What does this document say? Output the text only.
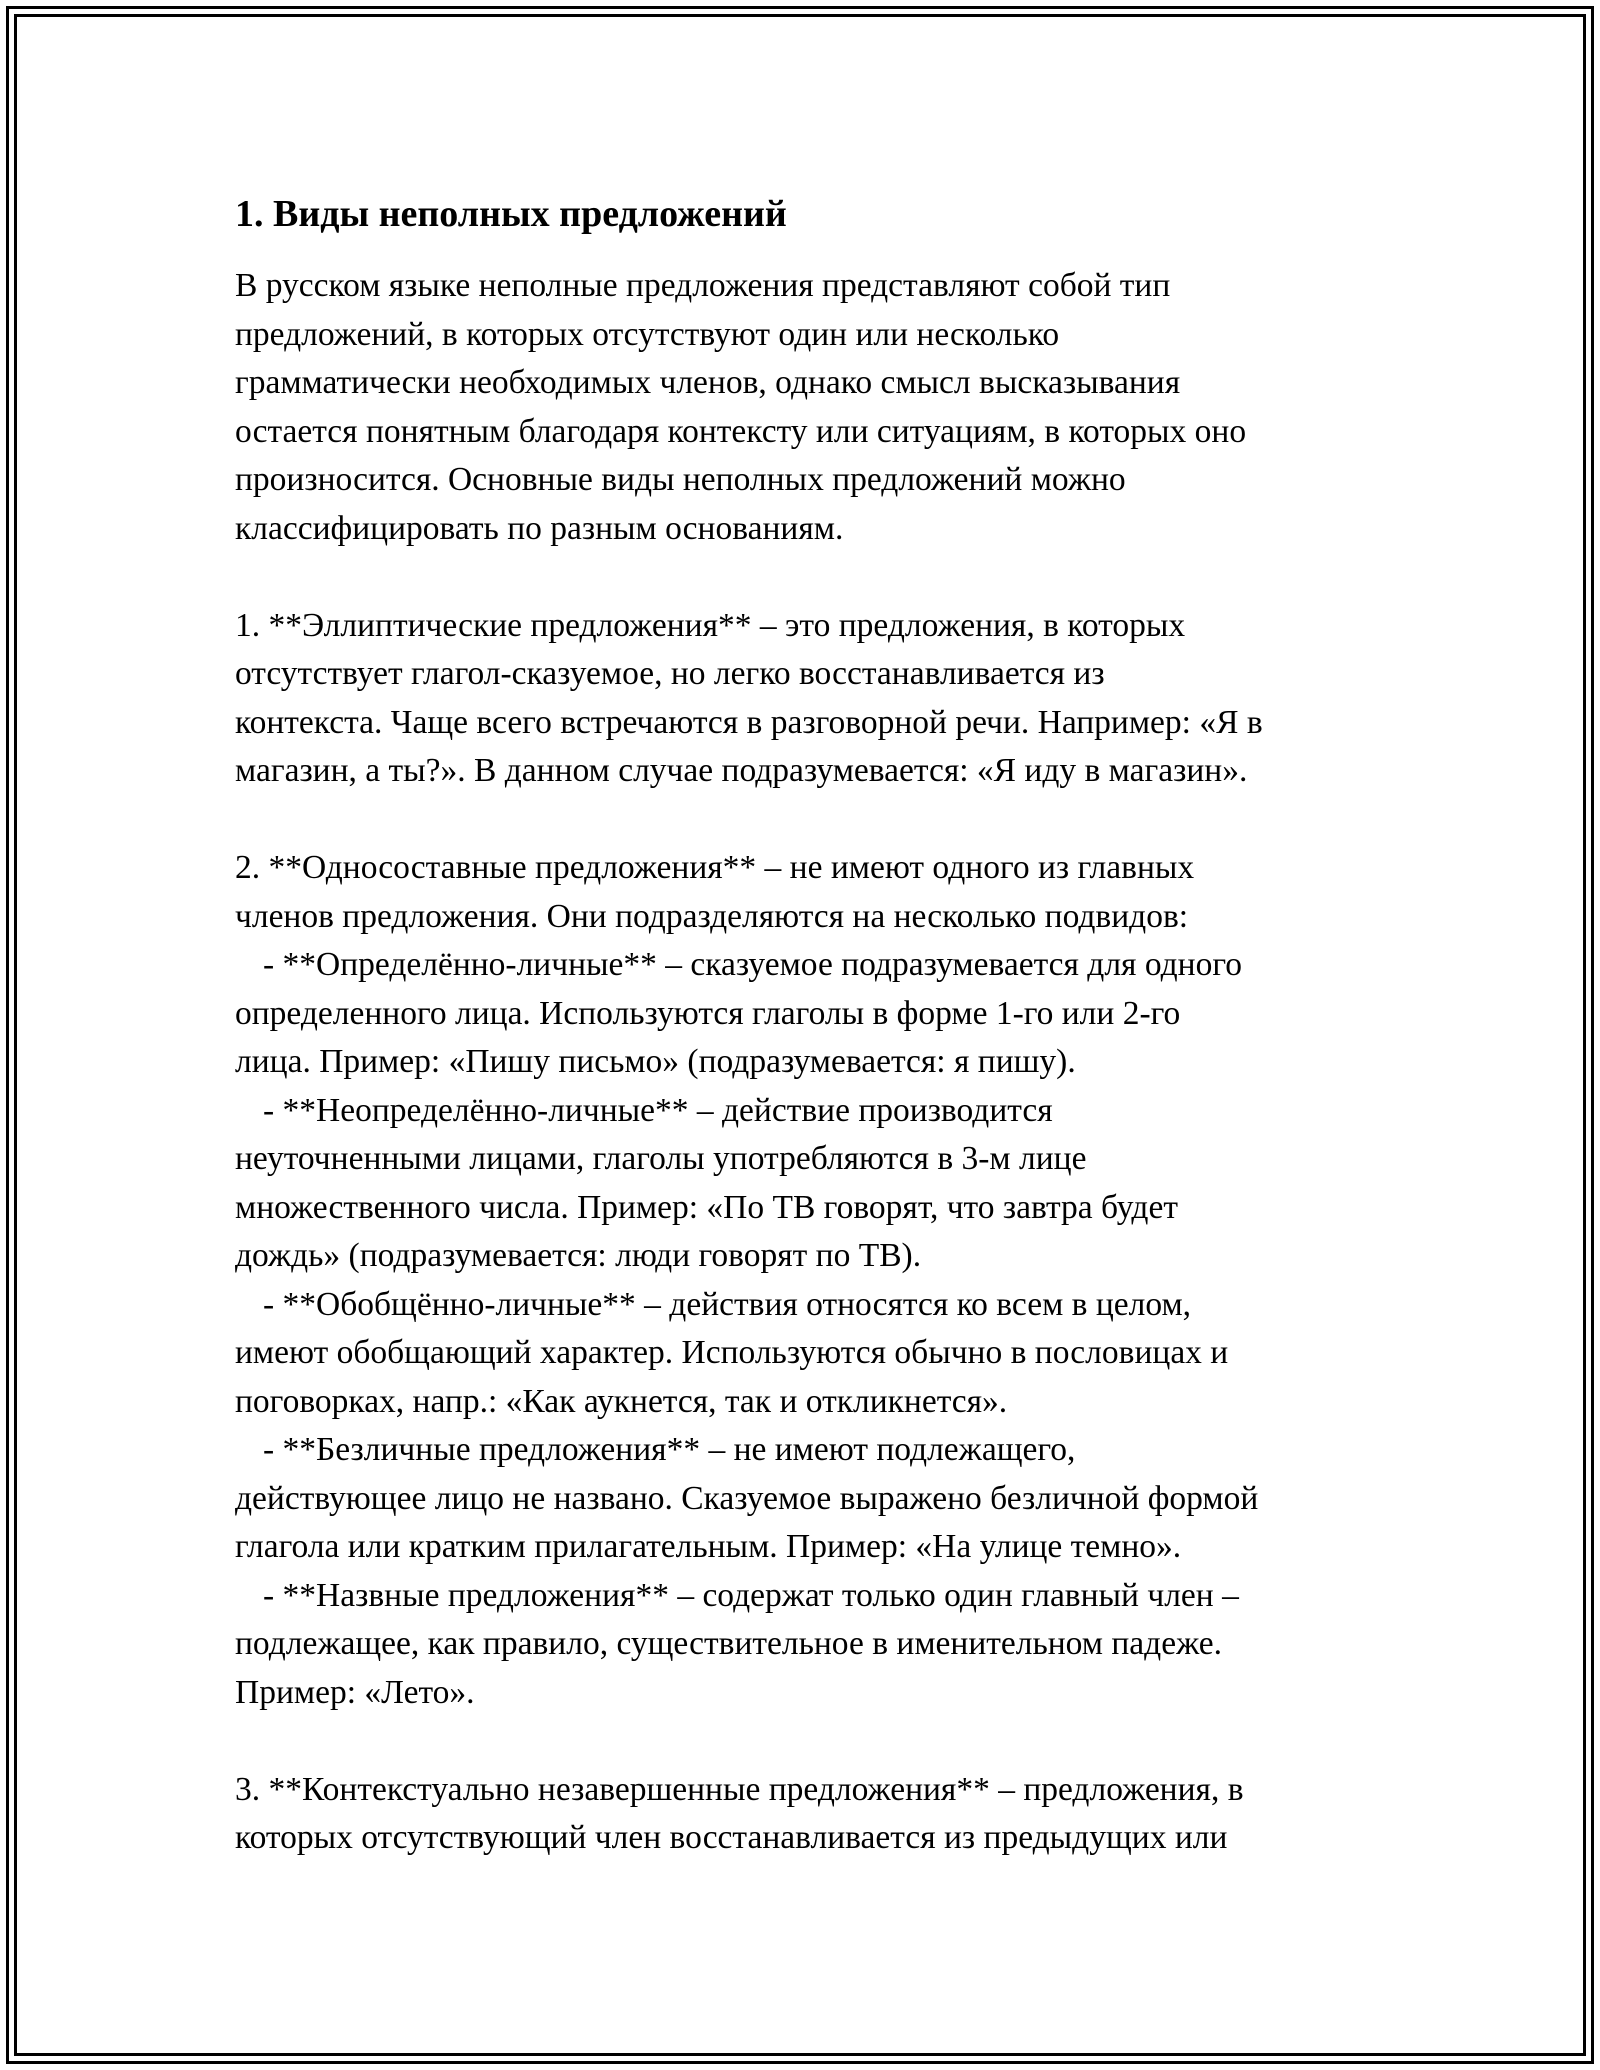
1. Виды неполных предложений
В русском языке неполные предложения представляют собой тип
предложений, в которых отсутствуют один или несколько
грамматически необходимых членов, однако смысл высказывания
остается понятным благодаря контексту или ситуациям, в которых оно
произносится. Основные виды неполных предложений можно
классифицировать по разным основаниям.
1. **Эллиптические предложения** – это предложения, в которых
отсутствует глагол-сказуемое, но легко восстанавливается из
контекста. Чаще всего встречаются в разговорной речи. Например: «Я в
магазин, а ты?». В данном случае подразумевается: «Я иду в магазин».
2. **Односоставные предложения** – не имеют одного из главных
членов предложения. Они подразделяются на несколько подвидов:
- **Определённо-личные** – сказуемое подразумевается для одного
определенного лица. Используются глаголы в форме 1-го или 2-го
лица. Пример: «Пишу письмо» (подразумевается: я пишу).
- **Неопределённо-личные** – действие производится
неуточненными лицами, глаголы употребляются в 3-м лице
множественного числа. Пример: «По ТВ говорят, что завтра будет
дождь» (подразумевается: люди говорят по ТВ).
- **Обобщённо-личные** – действия относятся ко всем в целом,
имеют обобщающий характер. Используются обычно в пословицах и
поговорках, напр.: «Как аукнется, так и откликнется».
- **Безличные предложения** – не имеют подлежащего,
действующее лицо не названо. Сказуемое выражено безличной формой
глагола или кратким прилагательным. Пример: «На улице темно».
- **Назвные предложения** – содержат только один главный член –
подлежащее, как правило, существительное в именительном падеже.
Пример: «Лето».
3. **Контекстуально незавершенные предложения** – предложения, в
которых отсутствующий член восстанавливается из предыдущих или
